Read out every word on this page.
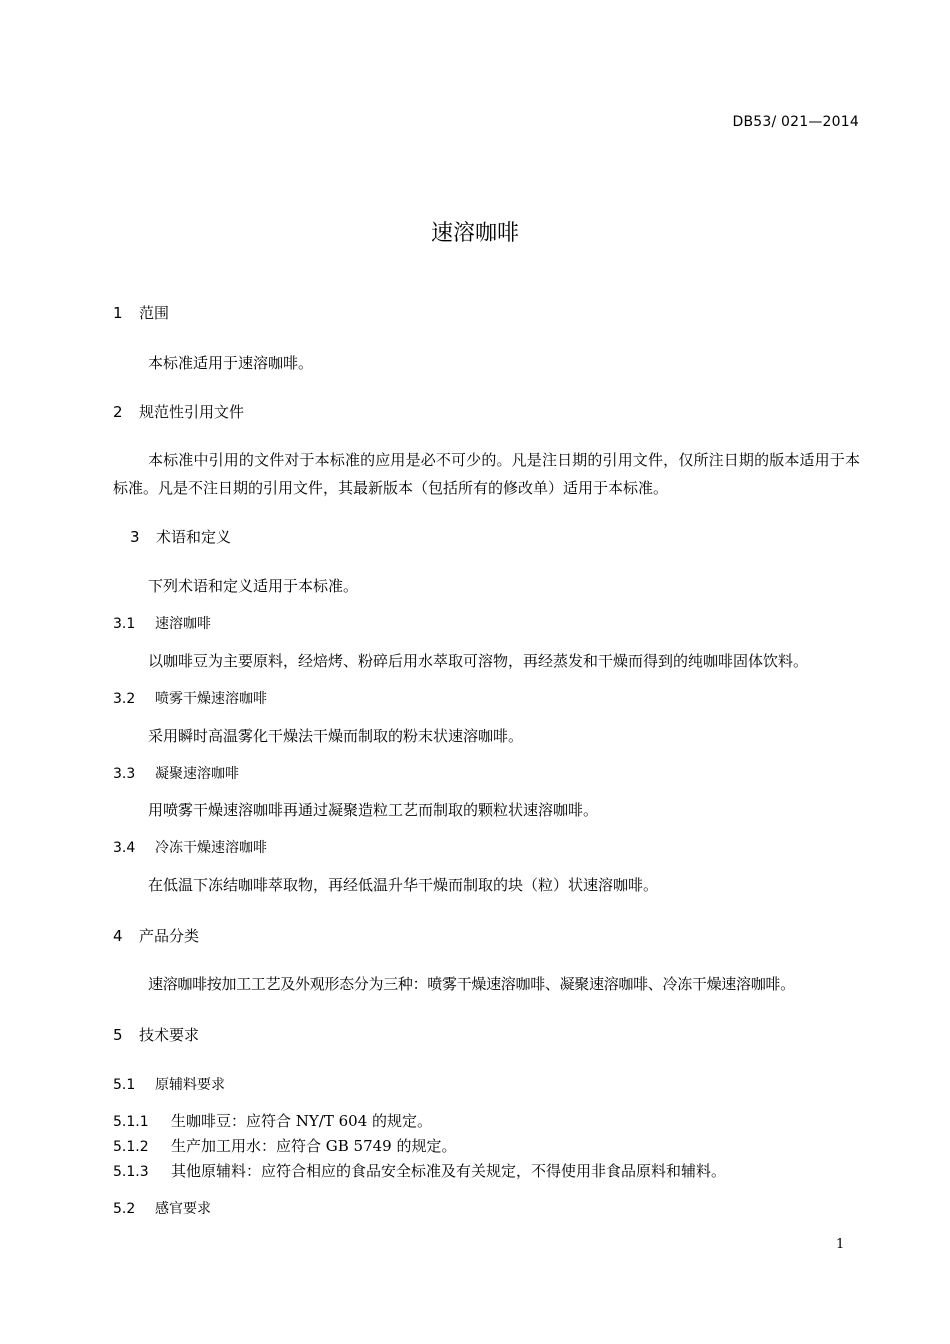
DB53/ 021—2014
速溶咖啡
1 范围
本标准适用于速溶咖啡。
2 规范性引用文件
本标准中引用的文件对于本标准的应用是必不可少的。凡是注日期的引用文件，仅所注日期的版本适用于本标准。凡是不注日期的引用文件，其最新版本（包括所有的修改单）适用于本标准。
3 术语和定义
下列术语和定义适用于本标准。
3.1 速溶咖啡
以咖啡豆为主要原料，经焙烤、粉碎后用水萃取可溶物，再经蒸发和干燥而得到的纯咖啡固体饮料。
3.2 喷雾干燥速溶咖啡
采用瞬时高温雾化干燥法干燥而制取的粉末状速溶咖啡。
3.3 凝聚速溶咖啡
用喷雾干燥速溶咖啡再通过凝聚造粒工艺而制取的颗粒状速溶咖啡。
3.4 冷冻干燥速溶咖啡
在低温下冻结咖啡萃取物，再经低温升华干燥而制取的块（粒）状速溶咖啡。
4 产品分类
速溶咖啡按加工工艺及外观形态分为三种：喷雾干燥速溶咖啡、凝聚速溶咖啡、冷冻干燥速溶咖啡。
5 技术要求
5.1 原辅料要求
5.1.1 生咖啡豆：应符合 NY/T 604 的规定。
5.1.2 生产加工用水：应符合 GB 5749 的规定。
5.1.3 其他原辅料：应符合相应的食品安全标准及有关规定，不得使用非食品原料和辅料。
5.2 感官要求
1
